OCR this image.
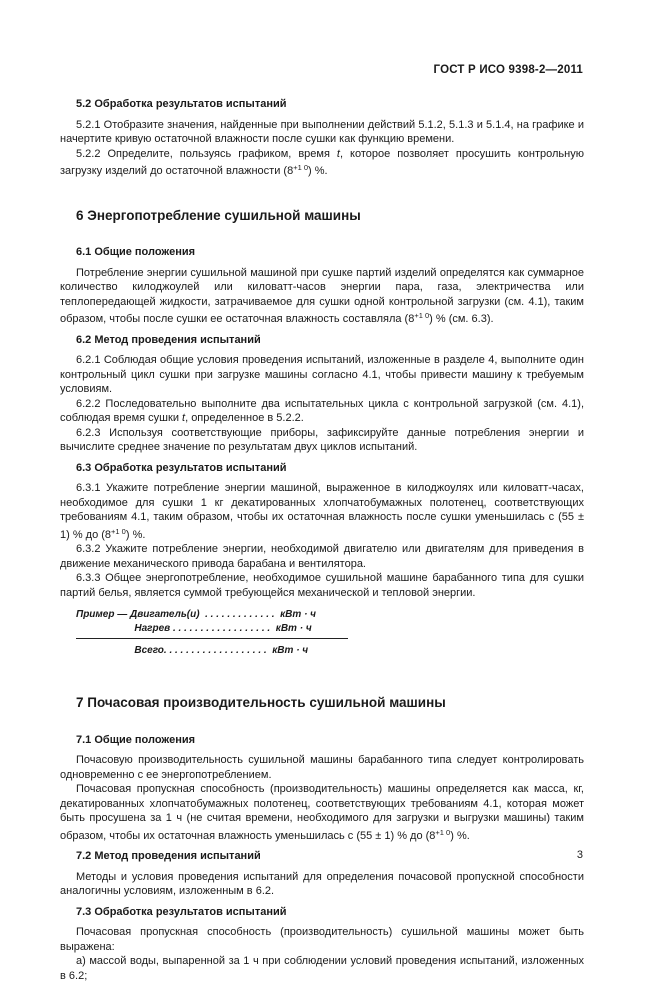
ГОСТ Р ИСО 9398-2—2011
5.2 Обработка результатов испытаний
5.2.1 Отобразите значения, найденные при выполнении действий 5.1.2, 5.1.3 и 5.1.4, на графике и начертите кривую остаточной влажности после сушки как функцию времени.
5.2.2 Определите, пользуясь графиком, время t, которое позволяет просушить контрольную загрузку изделий до остаточной влажности $(8^{+1 0})$ %.
6 Энергопотребление сушильной машины
6.1 Общие положения
Потребление энергии сушильной машиной при сушке партий изделий определятся как суммарное количество килоджоулей или киловатт-часов энергии пара, газа, электричества или теплопередающей жидкости, затрачиваемое для сушки одной контрольной загрузки (см. 4.1), таким образом, чтобы после сушки ее остаточная влажность составляла $(8^{+1 0})$ % (см. 6.3).
6.2 Метод проведения испытаний
6.2.1 Соблюдая общие условия проведения испытаний, изложенные в разделе 4, выполните один контрольный цикл сушки при загрузке машины согласно 4.1, чтобы привести машину к требуемым условиям.
6.2.2 Последовательно выполните два испытательных цикла с контрольной загрузкой (см. 4.1), соблюдая время сушки t, определенное в 5.2.2.
6.2.3 Используя соответствующие приборы, зафиксируйте данные потребления энергии и вычислите среднее значение по результатам двух циклов испытаний.
6.3 Обработка результатов испытаний
6.3.1 Укажите потребление энергии машиной, выраженное в килоджоулях или киловатт-часах, необходимое для сушки 1 кг декатированных хлопчатобумажных полотенец, соответствующих требованиям 4.1, таким образом, чтобы их остаточная влажность после сушки уменьшилась с (55 ± 1) % до $(8^{+1 0})$ %.
6.3.2 Укажите потребление энергии, необходимой двигателю или двигателям для приведения в движение механического привода барабана и вентилятора.
6.3.3 Общее энергопотребление, необходимое сушильной машине барабанного типа для сушки партий белья, является суммой требующейся механической и тепловой энергии.
Пример — Двигатель(и)  . . . . . . . . . . . . .  кВт · ч
Нагрев . . . . . . . . . . . . . . . . . .  кВт · ч
Всего. . . . . . . . . . . . . . . . . . .  кВт · ч
7 Почасовая производительность сушильной машины
7.1 Общие положения
Почасовую производительность сушильной машины барабанного типа следует контролировать одновременно с ее энергопотреблением.
Почасовая пропускная способность (производительность) машины определяется как масса, кг, декатированных хлопчатобумажных полотенец, соответствующих требованиям 4.1, которая может быть просушена за 1 ч (не считая времени, необходимого для загрузки и выгрузки машины) таким образом, чтобы их остаточная влажность уменьшилась с (55 ± 1) % до $(8^{+1 0})$ %.
7.2 Метод проведения испытаний
Методы и условия проведения испытаний для определения почасовой пропускной способности аналогичны условиям, изложенным в 6.2.
7.3 Обработка результатов испытаний
Почасовая пропускная способность (производительность) сушильной машины может быть выражена:
а) массой воды, выпаренной за 1 ч при соблюдении условий проведения испытаний, изложенных в 6.2;
3
